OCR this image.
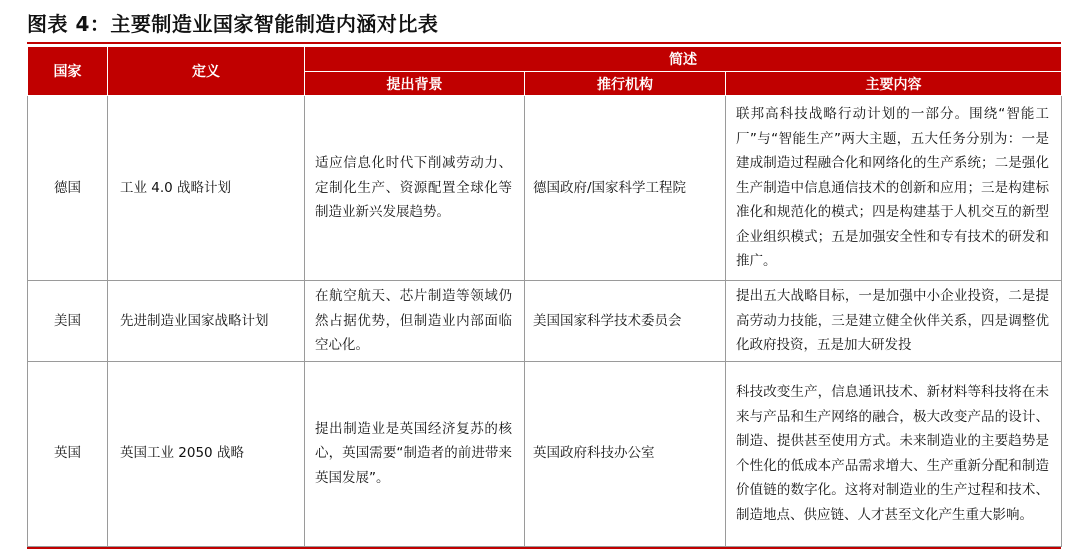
图表 4：主要制造业国家智能制造内涵对比表
国家	定义	简述		
		提出背景	推行机构	主要内容
德国	工业 4.0 战略计划	适应信息化时代下削减劳动力、定制化生产、资源配置全球化等制造业新兴发展趋势。	德国政府/国家科学工程院	联邦高科技战略行动计划的一部分。围绕“智能工厂”与“智能生产”两大主题，五大任务分别为：一是建成制造过程融合化和网络化的生产系统；二是强化生产制造中信息通信技术的创新和应用；三是构建标准化和规范化的模式；四是构建基于人机交互的新型企业组织模式；五是加强安全性和专有技术的研发和推广。
美国	先进制造业国家战略计划	在航空航天、芯片制造等领域仍然占据优势，但制造业内部面临空心化。	美国国家科学技术委员会	提出五大战略目标，一是加强中小企业投资，二是提高劳动力技能，三是建立健全伙伴关系，四是调整优化政府投资，五是加大研发投
英国	英国工业 2050 战略	提出制造业是英国经济复苏的核心，英国需要“制造者的前进带来英国发展”。	英国政府科技办公室	科技改变生产，信息通讯技术、新材料等科技将在未来与产品和生产网络的融合，极大改变产品的设计、制造、提供甚至使用方式。未来制造业的主要趋势是个性化的低成本产品需求增大、生产重新分配和制造价值链的数字化。这将对制造业的生产过程和技术、制造地点、供应链、人才甚至文化产生重大影响。
